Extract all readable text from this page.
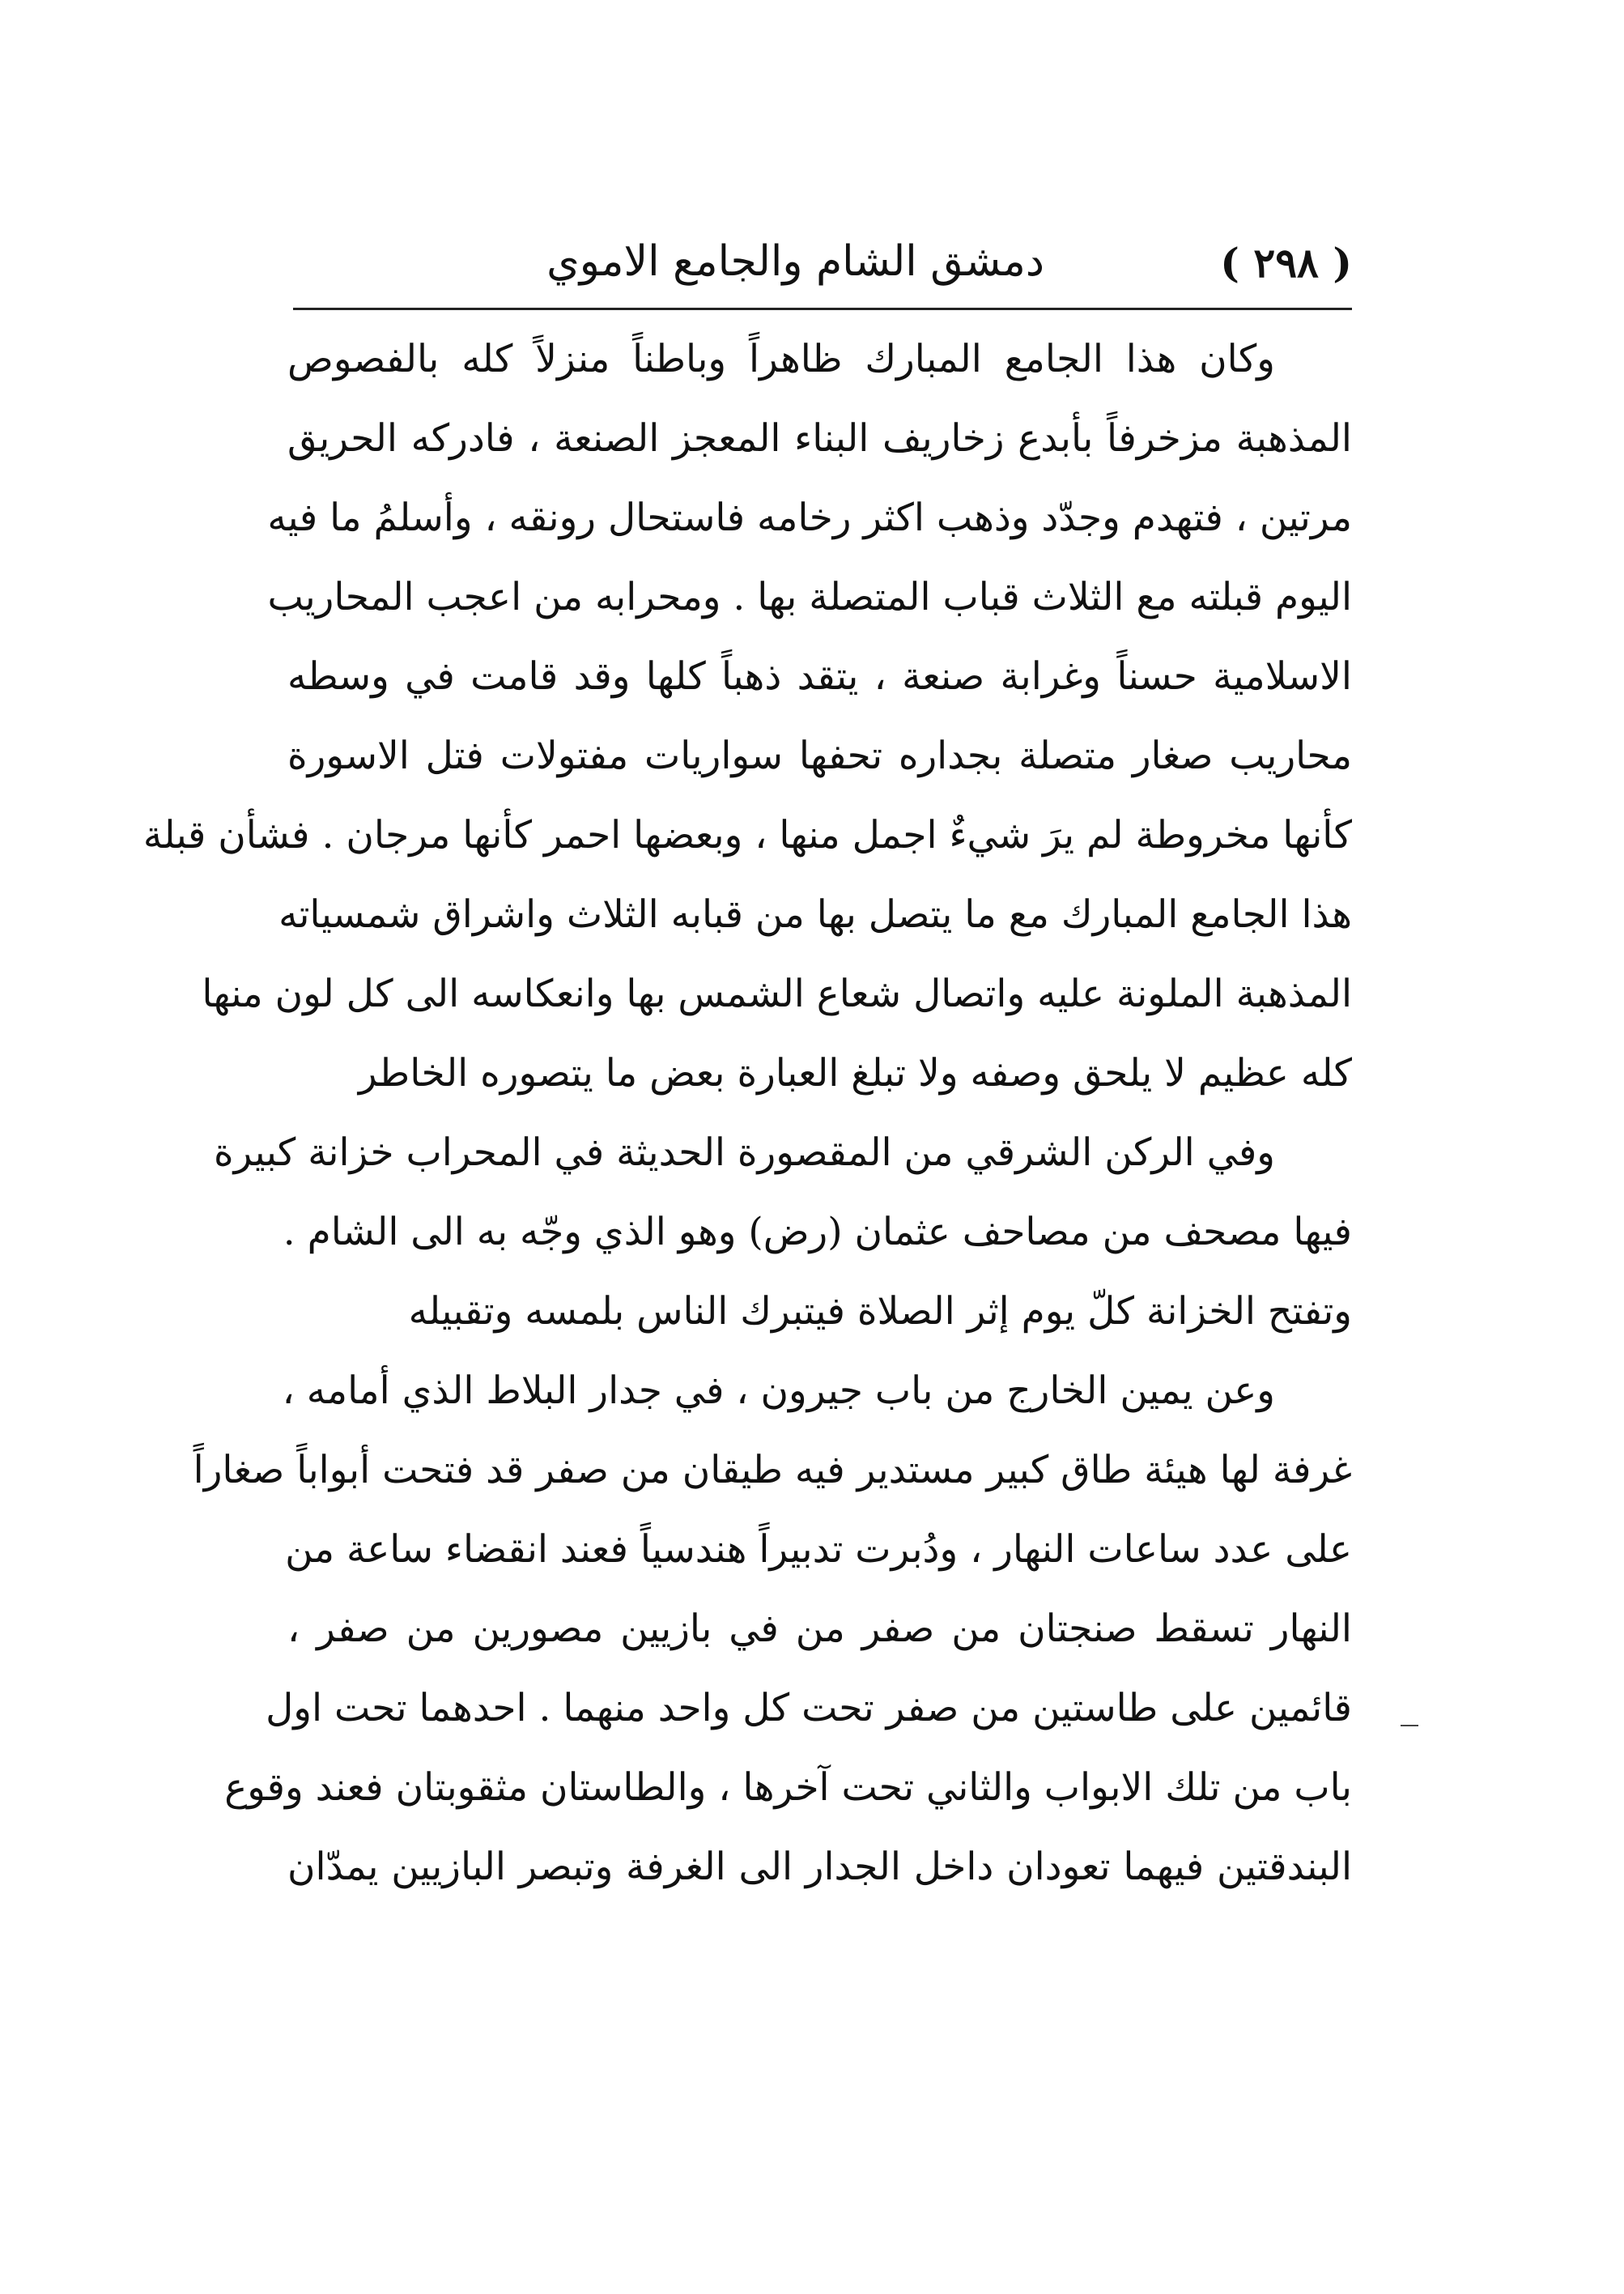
( ٢٩٨ )
دمشق الشام والجامع الاموي
وكان هذا الجامع المبارك ظاهراً وباطناً منزلاً كله بالفصوص
المذهبة مزخرفاً بأبدع زخاريف البناء المعجز الصنعة ، فادركه الحريق
مرتين ، فتهدم وجدّد وذهب اكثر رخامه فاستحال رونقه ، وأسلمُ ما فيه
اليوم قبلته مع الثلاث قباب المتصلة بها . ومحرابه من اعجب المحاريب
الاسلامية حسناً وغرابة صنعة ، يتقد ذهباً كلها وقد قامت في وسطه
محاريب صغار متصلة بجداره تحفها سواريات مفتولات فتل الاسورة
كأنها مخروطة لم يرَ شيءٌ اجمل منها ، وبعضها احمر كأنها مرجان . فشأن قبلة
هذا الجامع المبارك مع ما يتصل بها من قبابه الثلاث واشراق شمسياته
المذهبة الملونة عليه واتصال شعاع الشمس بها وانعكاسه الى كل لون منها
كله عظيم لا يلحق وصفه ولا تبلغ العبارة بعض ما يتصوره الخاطر
وفي الركن الشرقي من المقصورة الحديثة في المحراب خزانة كبيرة
فيها مصحف من مصاحف عثمان (رض) وهو الذي وجّه به الى الشام .
وتفتح الخزانة كلّ يوم إثر الصلاة فيتبرك الناس بلمسه وتقبيله
وعن يمين الخارج من باب جيرون ، في جدار البلاط الذي أمامه ،
غرفة لها هيئة طاق كبير مستدير فيه طيقان من صفر قد فتحت أبواباً صغاراً
على عدد ساعات النهار ، ودُبرت تدبيراً هندسياً فعند انقضاء ساعة من
النهار تسقط صنجتان من صفر من في بازيين مصورين من صفر ،
قائمين على طاستين من صفر تحت كل واحد منهما . احدهما تحت اول
باب من تلك الابواب والثاني تحت آخرها ، والطاستان مثقوبتان فعند وقوع
البندقتين فيهما تعودان داخل الجدار الى الغرفة وتبصر البازيين يمدّان
